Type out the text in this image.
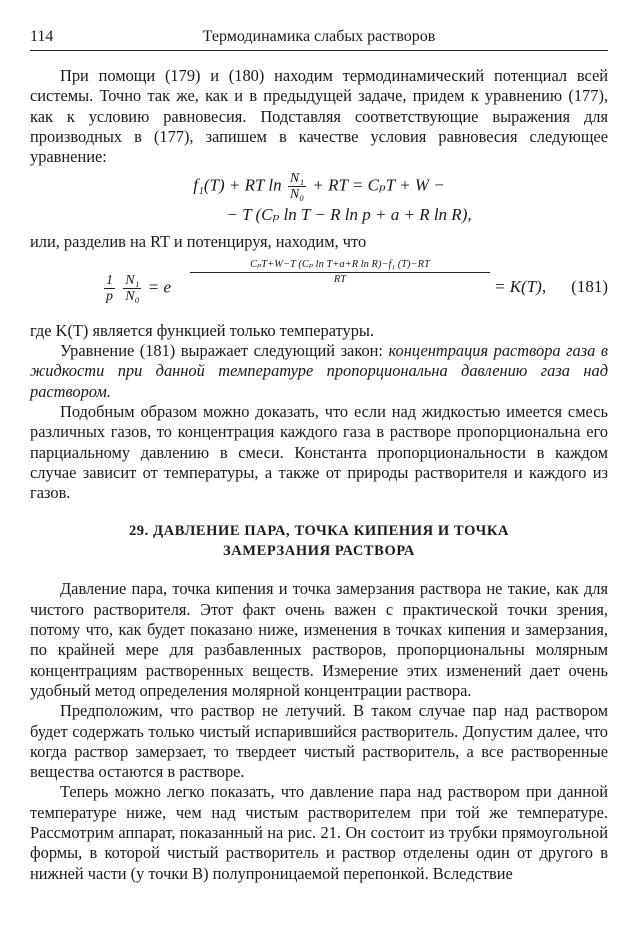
114	Термодинамика слабых растворов

При помощи (179) и (180) находим термодинамический потенциал всей системы. Точно так же, как и в предыдущей задаче, придем к уравнению (177), как к условию равновесия. Подставляя соответствующие выражения для производных в (177), запишем в качестве условия равновесия следующее уравнение:

f₁(T) + RT $\ln \frac{\text{N₁}}{\text{N₀}}$ + RT = CₚT + W −
− T (Cₚ ln T − R ln p + a + R ln R),

или, разделив на RT и потенцируя, находим, что

$\frac{1}{p}$
$\frac{\text{N₁}}{\text{N₀}} = e$
CₚT+W−T (Cₚ ln T+a+R ln R)−f₁ (T)−RT
RT	= K(T), (181)

где K(T) является функцией только температуры.

Уравнение (181) выражает следующий закон: концентрация раствора газа в жидкости при данной температуре пропорциональна давлению газа над раствором.

Подобным образом можно доказать, что если над жидкостью имеется смесь различных газов, то концентрация каждого газа в растворе пропорциональна его парциальному давлению в смеси. Константа пропорциональности в каждом случае зависит от температуры, а также от природы растворителя и каждого из газов.

29. ДАВЛЕНИЕ ПАРА, ТОЧКА КИПЕНИЯ И ТОЧКА
ЗАМЕРЗАНИЯ РАСТВОРА

Давление пара, точка кипения и точка замерзания раствора не такие, как для чистого растворителя. Этот факт очень важен с практической точки зрения, потому что, как будет показано ниже, изменения в точках кипения и замерзания, по крайней мере для разбавленных растворов, пропорциональны молярным концентрациям растворенных веществ. Измерение этих изменений дает очень удобный метод определения молярной концентрации раствора.

Предположим, что раствор не летучий. В таком случае пар над раствором будет содержать только чистый испарившийся растворитель. Допустим далее, что когда раствор замерзает, то твердеет чистый растворитель, а все растворенные вещества остаются в растворе.

Теперь можно легко показать, что давление пара над раствором при данной температуре ниже, чем над чистым растворителем при той же температуре. Рассмотрим аппарат, показанный на рис. 21. Он состоит из трубки прямоугольной формы, в которой чистый растворитель и раствор отделены один от другого в нижней части (у точки B) полупроницаемой перепонкой. Вследствие
